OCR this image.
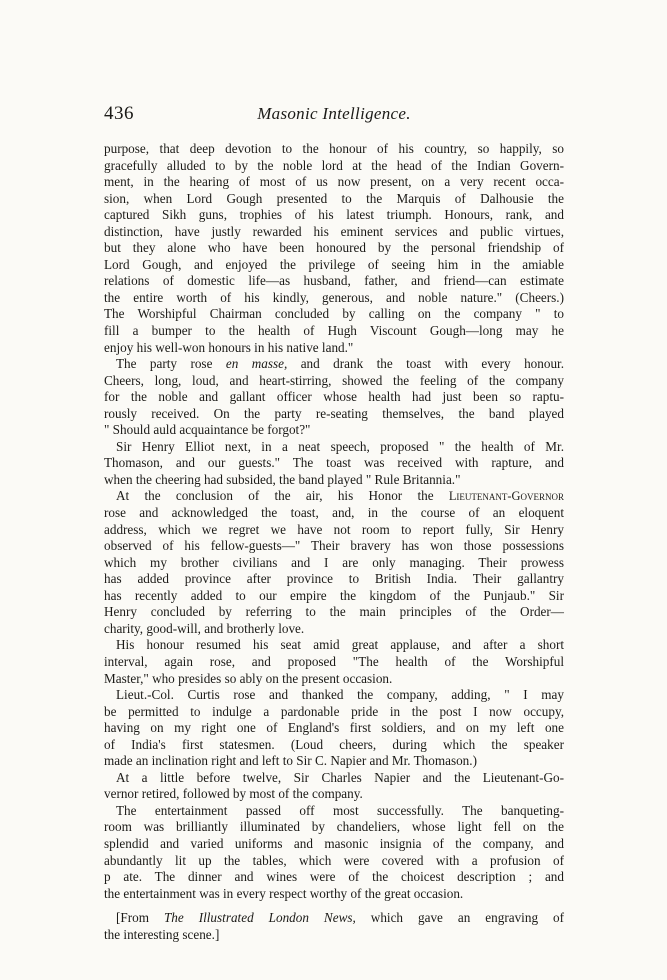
436	Masonic Intelligence.

purpose, that deep devotion to the honour of his country, so happily, so
gracefully alluded to by the noble lord at the head of the Indian Govern-
ment, in the hearing of most of us now present, on a very recent occa-
sion, when Lord Gough presented to the Marquis of Dalhousie the
captured Sikh guns, trophies of his latest triumph. Honours, rank, and
distinction, have justly rewarded his eminent services and public virtues,
but they alone who have been honoured by the personal friendship of
Lord Gough, and enjoyed the privilege of seeing him in the amiable
relations of domestic life—as husband, father, and friend—can estimate
the entire worth of his kindly, generous, and noble nature." (Cheers.)
The Worshipful Chairman concluded by calling on the company " to
fill a bumper to the health of Hugh Viscount Gough—long may he
enjoy his well-won honours in his native land."

The party rose en masse, and drank the toast with every honour.
Cheers, long, loud, and heart-stirring, showed the feeling of the company
for the noble and gallant officer whose health had just been so raptu-
rously received. On the party re-seating themselves, the band played
" Should auld acquaintance be forgot?"

Sir Henry Elliot next, in a neat speech, proposed " the health of Mr.
Thomason, and our guests." The toast was received with rapture, and
when the cheering had subsided, the band played " Rule Britannia."

At the conclusion of the air, his Honor the Lieutenant-Governor
rose and acknowledged the toast, and, in the course of an eloquent
address, which we regret we have not room to report fully, Sir Henry
observed of his fellow-guests—" Their bravery has won those possessions
which my brother civilians and I are only managing. Their prowess
has added province after province to British India. Their gallantry
has recently added to our empire the kingdom of the Punjaub." Sir
Henry concluded by referring to the main principles of the Order—
charity, good-will, and brotherly love.

His honour resumed his seat amid great applause, and after a short
interval, again rose, and proposed "The health of the Worshipful
Master," who presides so ably on the present occasion.

Lieut.-Col. Curtis rose and thanked the company, adding, " I may
be permitted to indulge a pardonable pride in the post I now occupy,
having on my right one of England's first soldiers, and on my left one
of India's first statesmen. (Loud cheers, during which the speaker
made an inclination right and left to Sir C. Napier and Mr. Thomason.)

At a little before twelve, Sir Charles Napier and the Lieutenant-Go-
vernor retired, followed by most of the company.

The entertainment passed off most successfully. The banqueting-
room was brilliantly illuminated by chandeliers, whose light fell on the
splendid and varied uniforms and masonic insignia of the company, and
abundantly lit up the tables, which were covered with a profusion of
p ate. The dinner and wines were of the choicest description ; and
the entertainment was in every respect worthy of the great occasion.

[From The Illustrated London News, which gave an engraving of
the interesting scene.]
